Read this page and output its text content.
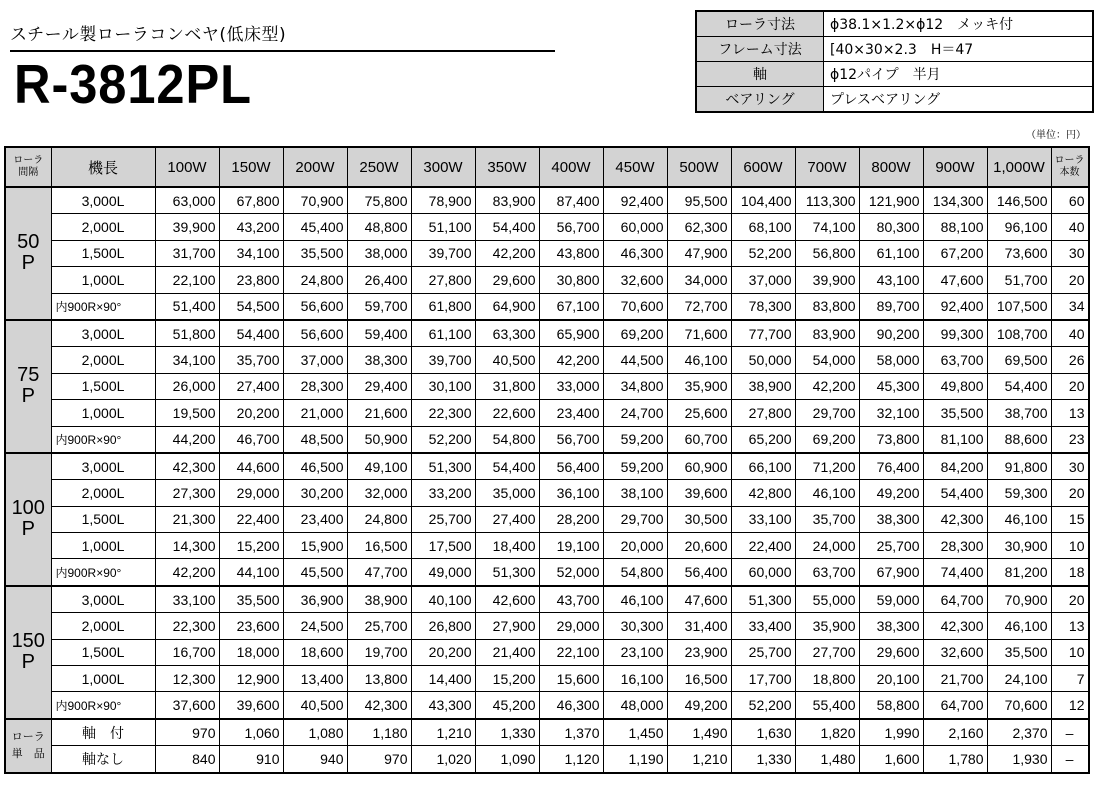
スチール製ローラコンベヤ(低床型)
R-3812PL
ローラ寸法	ϕ38.1×1.2×ϕ12　メッキ付
フレーム寸法	[40×30×2.3　H＝47
軸	ϕ12パイプ　半月
ベアリング	プレスベアリング
（単位：円）
ローラ
間隔	機長	100W	150W	200W	250W	300W	350W	400W	450W	500W	600W	700W	800W	900W	1,000W	ローラ
本数
50
P	3,000L	63,000	67,800	70,900	75,800	78,900	83,900	87,400	92,400	95,500	104,400	113,300	121,900	134,300	146,500	60
	2,000L	39,900	43,200	45,400	48,800	51,100	54,400	56,700	60,000	62,300	68,100	74,100	80,300	88,100	96,100	40
	1,500L	31,700	34,100	35,500	38,000	39,700	42,200	43,800	46,300	47,900	52,200	56,800	61,100	67,200	73,600	30
	1,000L	22,100	23,800	24,800	26,400	27,800	29,600	30,800	32,600	34,000	37,000	39,900	43,100	47,600	51,700	20
	内900R×90°	51,400	54,500	56,600	59,700	61,800	64,900	67,100	70,600	72,700	78,300	83,800	89,700	92,400	107,500	34
75
P	3,000L	51,800	54,400	56,600	59,400	61,100	63,300	65,900	69,200	71,600	77,700	83,900	90,200	99,300	108,700	40
	2,000L	34,100	35,700	37,000	38,300	39,700	40,500	42,200	44,500	46,100	50,000	54,000	58,000	63,700	69,500	26
	1,500L	26,000	27,400	28,300	29,400	30,100	31,800	33,000	34,800	35,900	38,900	42,200	45,300	49,800	54,400	20
	1,000L	19,500	20,200	21,000	21,600	22,300	22,600	23,400	24,700	25,600	27,800	29,700	32,100	35,500	38,700	13
	内900R×90°	44,200	46,700	48,500	50,900	52,200	54,800	56,700	59,200	60,700	65,200	69,200	73,800	81,100	88,600	23
100
P	3,000L	42,300	44,600	46,500	49,100	51,300	54,400	56,400	59,200	60,900	66,100	71,200	76,400	84,200	91,800	30
	2,000L	27,300	29,000	30,200	32,000	33,200	35,000	36,100	38,100	39,600	42,800	46,100	49,200	54,400	59,300	20
	1,500L	21,300	22,400	23,400	24,800	25,700	27,400	28,200	29,700	30,500	33,100	35,700	38,300	42,300	46,100	15
	1,000L	14,300	15,200	15,900	16,500	17,500	18,400	19,100	20,000	20,600	22,400	24,000	25,700	28,300	30,900	10
	内900R×90°	42,200	44,100	45,500	47,700	49,000	51,300	52,000	54,800	56,400	60,000	63,700	67,900	74,400	81,200	18
150
P	3,000L	33,100	35,500	36,900	38,900	40,100	42,600	43,700	46,100	47,600	51,300	55,000	59,000	64,700	70,900	20
	2,000L	22,300	23,600	24,500	25,700	26,800	27,900	29,000	30,300	31,400	33,400	35,900	38,300	42,300	46,100	13
	1,500L	16,700	18,000	18,600	19,700	20,200	21,400	22,100	23,100	23,900	25,700	27,700	29,600	32,600	35,500	10
	1,000L	12,300	12,900	13,400	13,800	14,400	15,200	15,600	16,100	16,500	17,700	18,800	20,100	21,700	24,100	7
	内900R×90°	37,600	39,600	40,500	42,300	43,300	45,200	46,300	48,000	49,200	52,200	55,400	58,800	64,700	70,600	12
ローラ
単　品	軸　付	970	1,060	1,080	1,180	1,210	1,330	1,370	1,450	1,490	1,630	1,820	1,990	2,160	2,370	–
	軸なし	840	910	940	970	1,020	1,090	1,120	1,190	1,210	1,330	1,480	1,600	1,780	1,930	–
